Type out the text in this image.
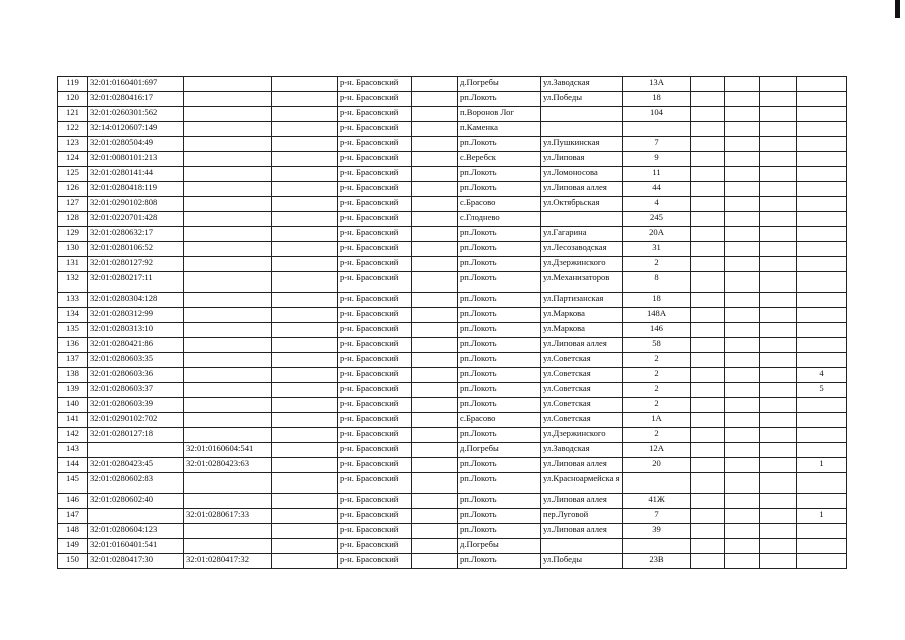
119	32:01:0160401:697			р-н. Брасовский		д.Погребы	ул.Заводская	13А				
120	32:01:0280416:17			р-н. Брасовский		рп.Локоть	ул.Победы	18				
121	32:01:0260301:562			р-н. Брасовский		п.Воронов Лог		104				
122	32:14:0120607:149			р-н. Брасовский		п.Каменка						
123	32:01:0280504:49			р-н. Брасовский		рп.Локоть	ул.Пушкинская	7				
124	32:01:0080101:213			р-н. Брасовский		с.Веребск	ул.Липовая	9				
125	32:01:0280141:44			р-н. Брасовский		рп.Локоть	ул.Ломоносова	11				
126	32:01:0280418:119			р-н. Брасовский		рп.Локоть	ул.Липовая аллея	44				
127	32:01:0290102:808			р-н. Брасовский		с.Брасово	ул.Октябрьская	4				
128	32:01:0220701:428			р-н. Брасовский		с.Глоднево		245				
129	32:01:0280632:17			р-н. Брасовский		рп.Локоть	ул.Гагарина	20А				
130	32:01:0280106:52			р-н. Брасовский		рп.Локоть	ул.Лесозаводская	31				
131	32:01:0280127:92			р-н. Брасовский		рп.Локоть	ул.Дзержинского	2				
132	32:01:0280217:11			р-н. Брасовский		рп.Локоть	ул.Механизаторов	8				
133	32:01:0280304:128			р-н. Брасовский		рп.Локоть	ул.Партизанская	18				
134	32:01:0280312:99			р-н. Брасовский		рп.Локоть	ул.Маркова	148А				
135	32:01:0280313:10			р-н. Брасовский		рп.Локоть	ул.Маркова	146				
136	32:01:0280421:86			р-н. Брасовский		рп.Локоть	ул.Липовая аллея	58				
137	32:01:0280603:35			р-н. Брасовский		рп.Локоть	ул.Советская	2				
138	32:01:0280603:36			р-н. Брасовский		рп.Локоть	ул.Советская	2				4
139	32:01:0280603:37			р-н. Брасовский		рп.Локоть	ул.Советская	2				5
140	32:01:0280603:39			р-н. Брасовский		рп.Локоть	ул.Советская	2				
141	32:01:0290102:702			р-н. Брасовский		с.Брасово	ул.Советская	1А				
142	32:01:0280127:18			р-н. Брасовский		рп.Локоть	ул.Дзержинского	2				
143		32:01:0160604:541		р-н. Брасовский		д.Погребы	ул.Заводская	12А				
144	32:01:0280423:45	32:01:0280423:63		р-н. Брасовский		рп.Локоть	ул.Липовая аллея	20				1
145	32:01:0280602:83			р-н. Брасовский		рп.Локоть	ул.Красноармейска я					
146	32:01:0280602:40			р-н. Брасовский		рп.Локоть	ул.Липовая аллея	41Ж				
147		32:01:0280617:33		р-н. Брасовский		рп.Локоть	пер.Луговой	7				1
148	32:01:0280604:123			р-н. Брасовский		рп.Локоть	ул.Липовая аллея	39				
149	32:01:0160401:541			р-н. Брасовский		д.Погребы						
150	32:01:0280417:30	32:01:0280417:32		р-н. Брасовский		рп.Локоть	ул.Победы	23В				
